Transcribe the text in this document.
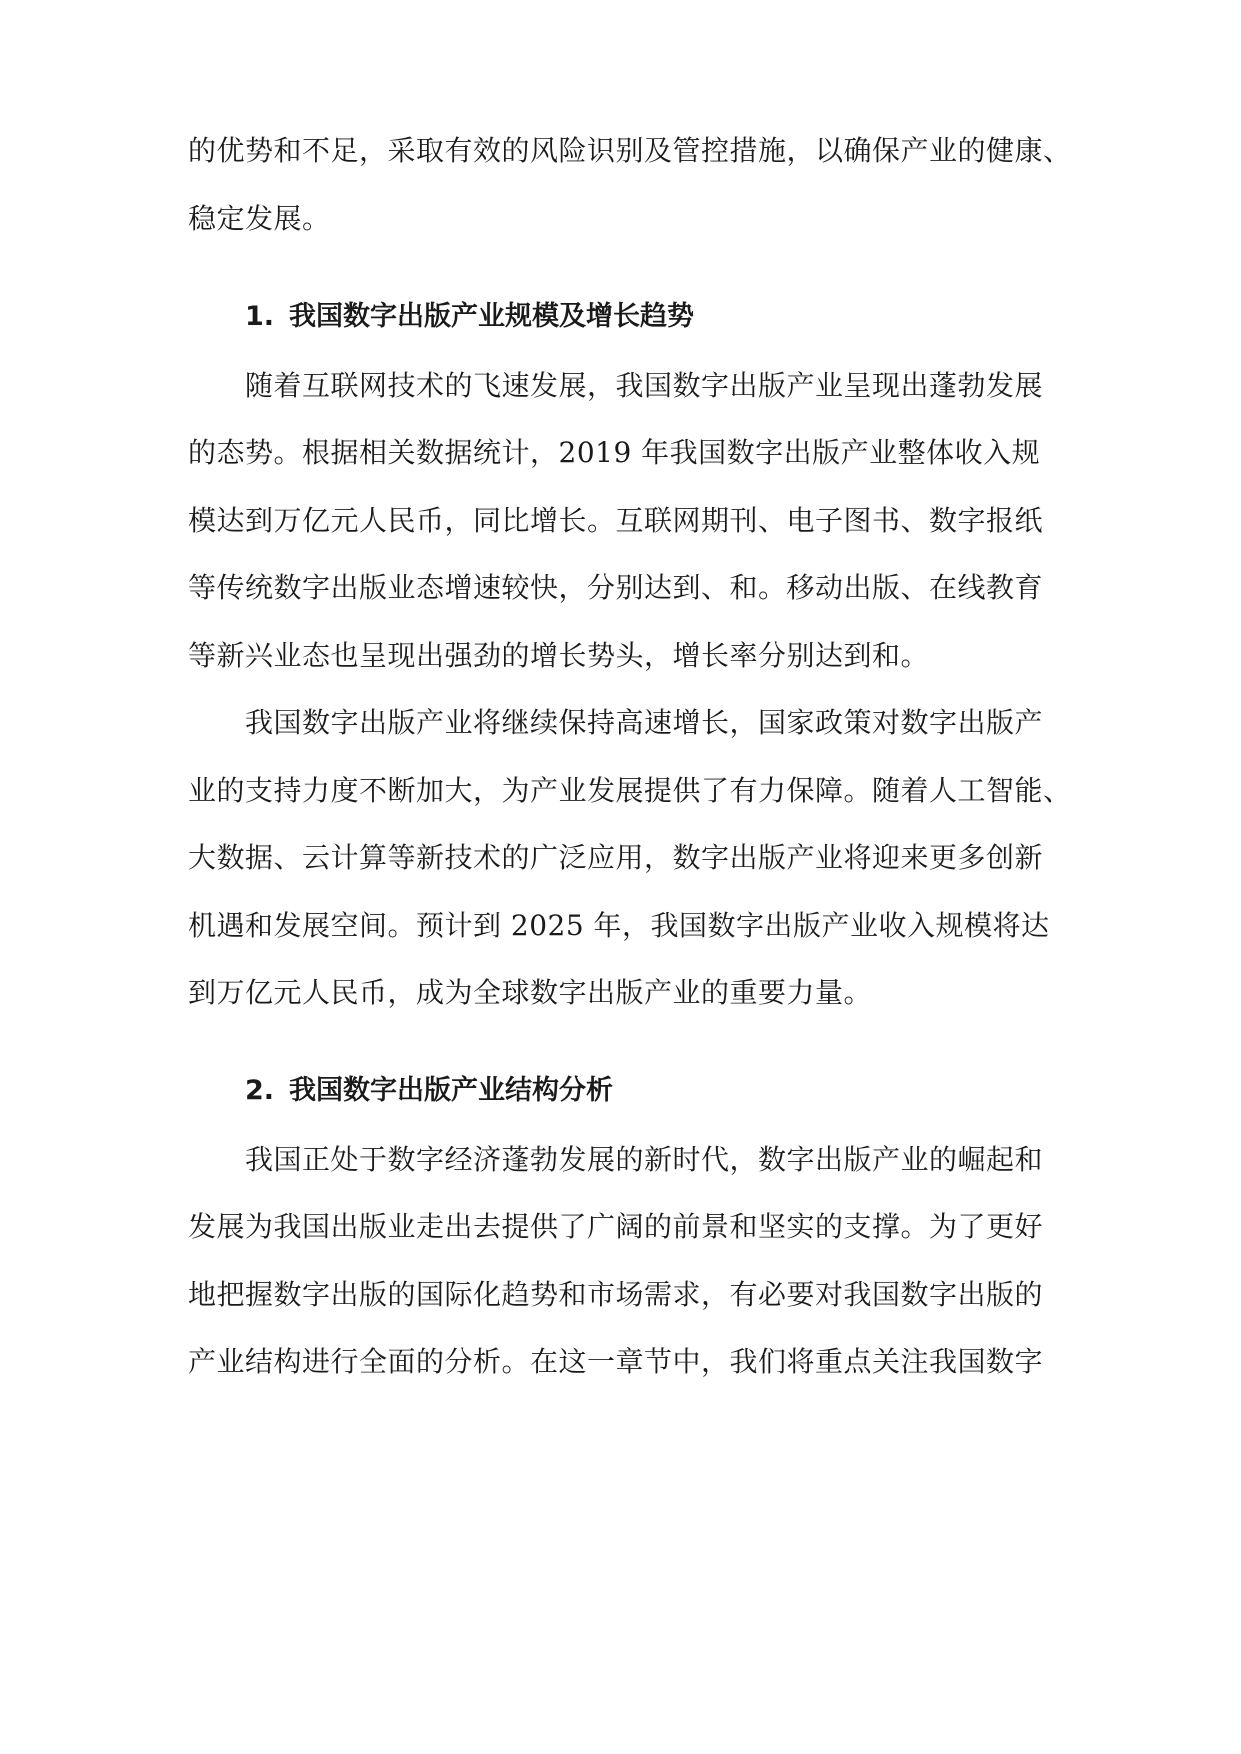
的优势和不足，采取有效的风险识别及管控措施，以确保产业的健康、
稳定发展。
1. 我国数字出版产业规模及增长趋势
随着互联网技术的飞速发展，我国数字出版产业呈现出蓬勃发展
的态势。根据相关数据统计，2019 年我国数字出版产业整体收入规
模达到万亿元人民币，同比增长。互联网期刊、电子图书、数字报纸
等传统数字出版业态增速较快，分别达到、和。移动出版、在线教育
等新兴业态也呈现出强劲的增长势头，增长率分别达到和。
我国数字出版产业将继续保持高速增长，国家政策对数字出版产
业的支持力度不断加大，为产业发展提供了有力保障。随着人工智能、
大数据、云计算等新技术的广泛应用，数字出版产业将迎来更多创新
机遇和发展空间。预计到 2025 年，我国数字出版产业收入规模将达
到万亿元人民币，成为全球数字出版产业的重要力量。
2. 我国数字出版产业结构分析
我国正处于数字经济蓬勃发展的新时代，数字出版产业的崛起和
发展为我国出版业走出去提供了广阔的前景和坚实的支撑。为了更好
地把握数字出版的国际化趋势和市场需求，有必要对我国数字出版的
产业结构进行全面的分析。在这一章节中，我们将重点关注我国数字
